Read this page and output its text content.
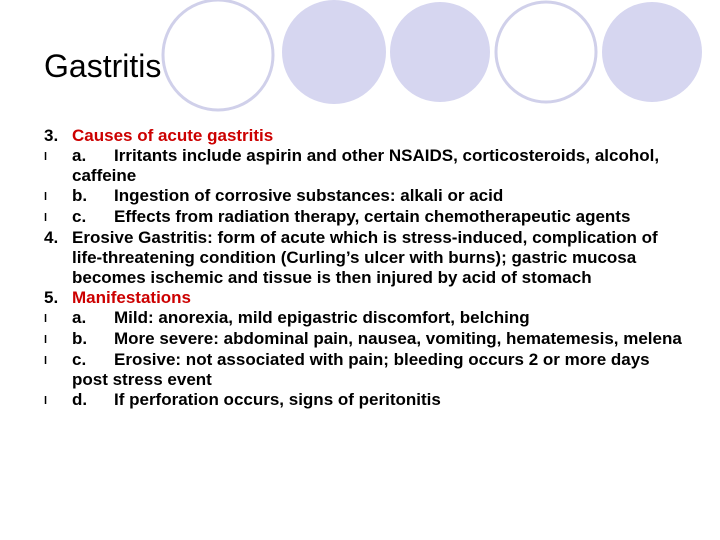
Gastritis
3. Causes of acute gastritis
l	a. Irritants include aspirin and other NSAIDS, corticosteroids, alcohol, caffeine
l	b. Ingestion of corrosive substances: alkali or acid
l	c. Effects from radiation therapy, certain chemotherapeutic agents
4. Erosive Gastritis: form of acute which is stress-induced, complication of life-threatening condition (Curling’s ulcer with burns); gastric mucosa becomes ischemic and tissue is then injured by acid of stomach
5. Manifestations
l	a. Mild: anorexia, mild epigastric discomfort, belching
l	b. More severe: abdominal pain, nausea, vomiting, hematemesis, melena
l	c. Erosive: not associated with pain; bleeding occurs 2 or more days post stress event
l	d. If perforation occurs, signs of peritonitis
